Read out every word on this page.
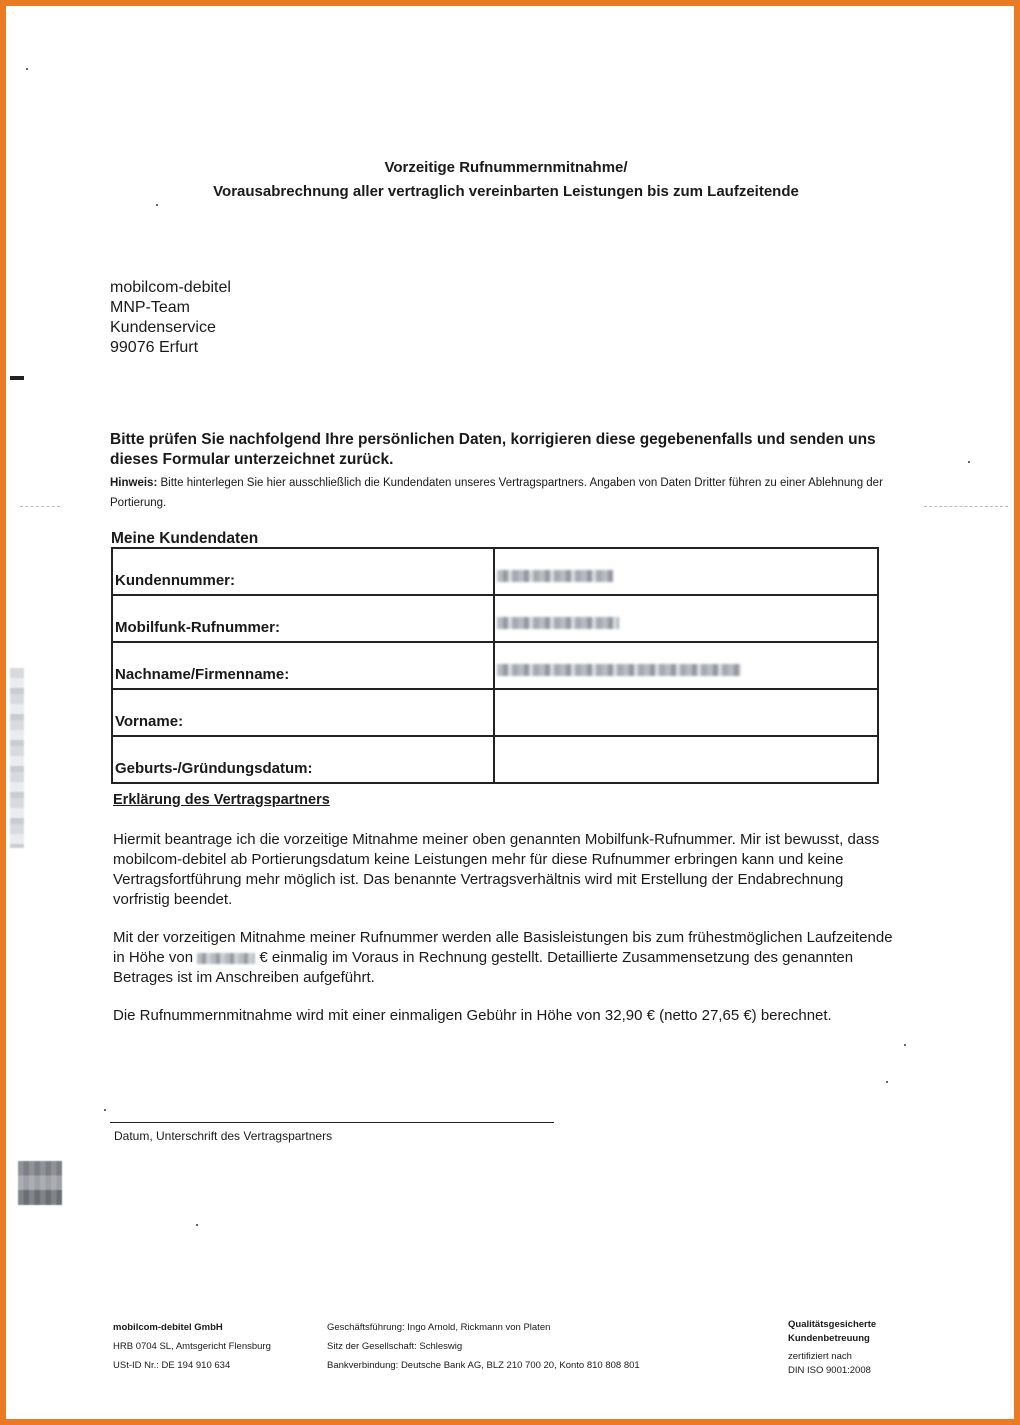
Vorzeitige Rufnummernmitnahme/
Vorausabrechnung aller vertraglich vereinbarten Leistungen bis zum Laufzeitende
mobilcom-debitel
MNP-Team
Kundenservice
99076 Erfurt
Bitte prüfen Sie nachfolgend Ihre persönlichen Daten, korrigieren diese gegebenenfalls und senden uns dieses Formular unterzeichnet zurück.
Hinweis: Bitte hinterlegen Sie hier ausschließlich die Kundendaten unseres Vertragspartners. Angaben von Daten Dritter führen zu einer Ablehnung der Portierung.
Meine Kundendaten
Kundennummer:	

Mobilfunk-Rufnummer:	

Nachname/Firmenname:	

Vorname:	
Geburts-/Gründungsdatum:	
Erklärung des Vertragspartners
Hiermit beantrage ich die vorzeitige Mitnahme meiner oben genannten Mobilfunk-Rufnummer. Mir ist bewusst, dass mobilcom-debitel ab Portierungsdatum keine Leistungen mehr für diese Rufnummer erbringen kann und keine Vertragsfortführung mehr möglich ist. Das benannte Vertragsverhältnis wird mit Erstellung der Endabrechnung vorfristig beendet.
Mit der vorzeitigen Mitnahme meiner Rufnummer werden alle Basisleistungen bis zum frühestmöglichen Laufzeitende in Höhe von	€ einmalig im Voraus in Rechnung gestellt. Detaillierte Zusammensetzung des genannten Betrages ist im Anschreiben aufgeführt.
Die Rufnummernmitnahme wird mit einer einmaligen Gebühr in Höhe von 32,90 € (netto 27,65 €) berechnet.
Datum, Unterschrift des Vertragspartners
mobilcom-debitel GmbH
HRB 0704 SL, Amtsgericht Flensburg
USt-ID Nr.: DE 194 910 634
Geschäftsführung: Ingo Arnold, Rickmann von Platen
Sitz der Gesellschaft: Schleswig
Bankverbindung: Deutsche Bank AG, BLZ 210 700 20, Konto 810 808 801
Qualitätsgesicherte Kundenbetreuung
zertifiziert nach
DIN ISO 9001:2008
